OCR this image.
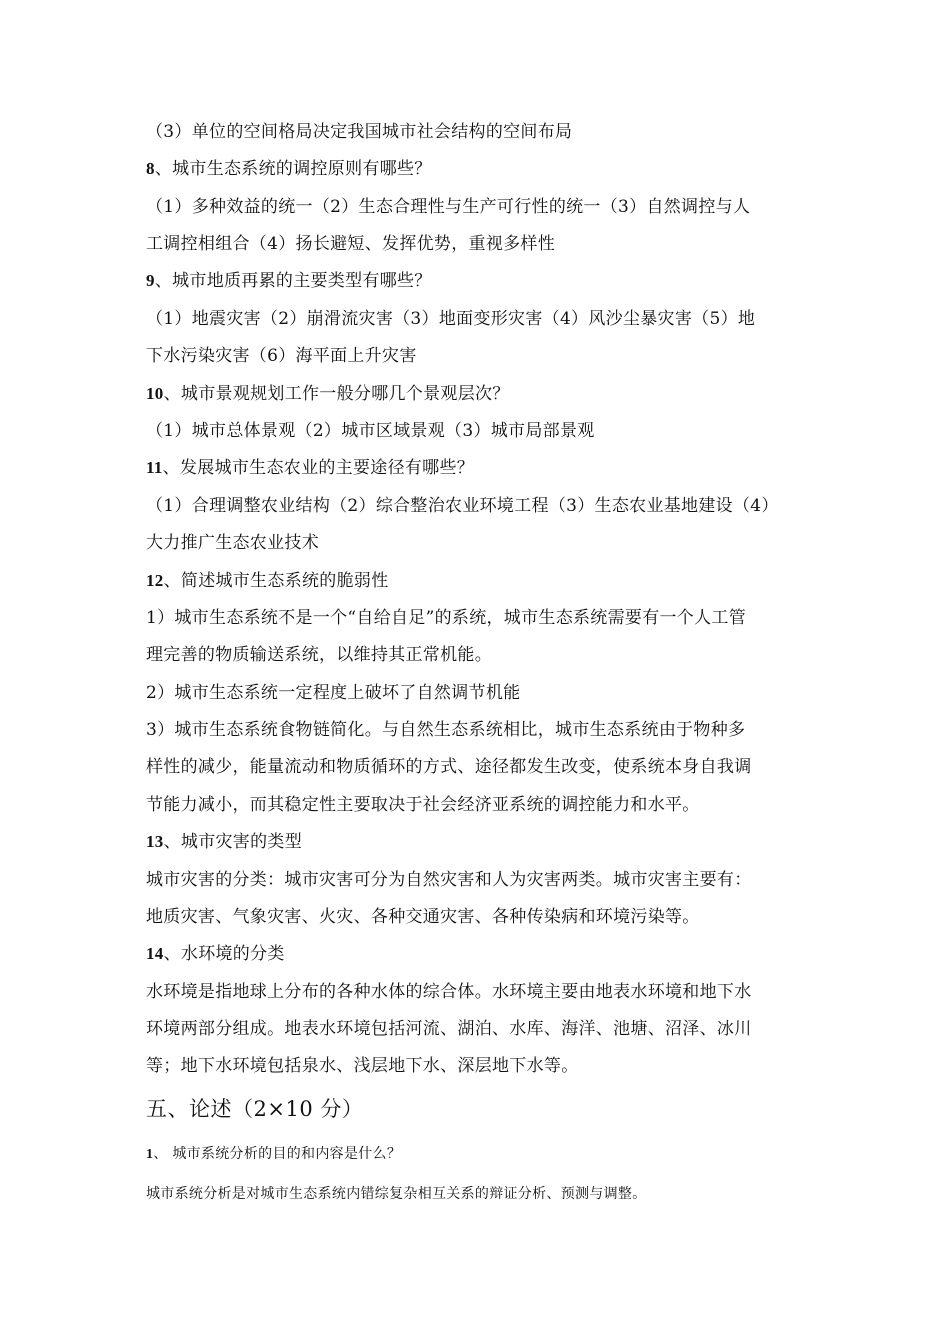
（3）单位的空间格局决定我国城市社会结构的空间布局
8、城市生态系统的调控原则有哪些？
（1）多种效益的统一（2）生态合理性与生产可行性的统一（3）自然调控与人
工调控相组合（4）扬长避短、发挥优势，重视多样性
9、城市地质再累的主要类型有哪些？
（1）地震灾害（2）崩滑流灾害（3）地面变形灾害（4）风沙尘暴灾害（5）地
下水污染灾害（6）海平面上升灾害
10、城市景观规划工作一般分哪几个景观层次？
（1）城市总体景观（2）城市区域景观（3）城市局部景观
11、发展城市生态农业的主要途径有哪些？
（1）合理调整农业结构（2）综合整治农业环境工程（3）生态农业基地建设（4）
大力推广生态农业技术
12、简述城市生态系统的脆弱性
1）城市生态系统不是一个“自给自足”的系统，城市生态系统需要有一个人工管
理完善的物质输送系统，以维持其正常机能。
2）城市生态系统一定程度上破坏了自然调节机能
3）城市生态系统食物链简化。与自然生态系统相比，城市生态系统由于物种多
样性的减少，能量流动和物质循环的方式、途径都发生改变，使系统本身自我调
节能力减小，而其稳定性主要取决于社会经济亚系统的调控能力和水平。
13、城市灾害的类型
城市灾害的分类：城市灾害可分为自然灾害和人为灾害两类。城市灾害主要有：
地质灾害、气象灾害、火灾、各种交通灾害、各种传染病和环境污染等。
14、水环境的分类
水环境是指地球上分布的各种水体的综合体。水环境主要由地表水环境和地下水
环境两部分组成。地表水环境包括河流、湖泊、水库、海洋、池塘、沼泽、冰川
等；地下水环境包括泉水、浅层地下水、深层地下水等。
五、论述（2×10 分）
1、 城市系统分析的目的和内容是什么？
城市系统分析是对城市生态系统内错综复杂相互关系的辩证分析、预测与调整。
